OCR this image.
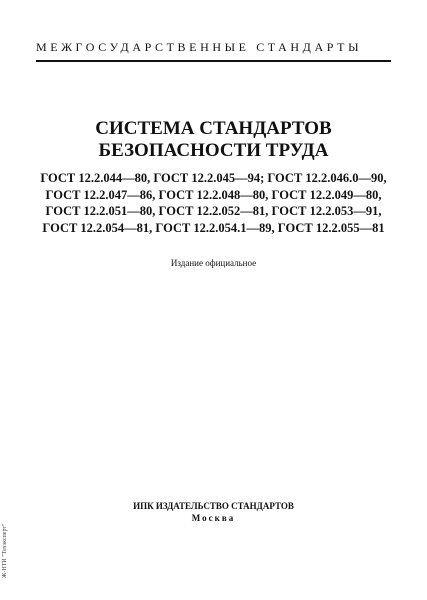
МЕЖГОСУДАРСТВЕННЫЕ СТАНДАРТЫ
СИСТЕМА СТАНДАРТОВ
БЕЗОПАСНОСТИ ТРУДА
ГОСТ 12.2.044—80, ГОСТ 12.2.045—94; ГОСТ 12.2.046.0—90,
ГОСТ 12.2.047—86, ГОСТ 12.2.048—80, ГОСТ 12.2.049—80,
ГОСТ 12.2.051—80, ГОСТ 12.2.052—81, ГОСТ 12.2.053—91,
ГОСТ 12.2.054—81, ГОСТ 12.2.054.1—89, ГОСТ 12.2.055—81
Издание официальное
ИПК ИЗДАТЕЛЬСТВО СТАНДАРТОВ
Москва
Ж-НТИ "Техэксперт"
